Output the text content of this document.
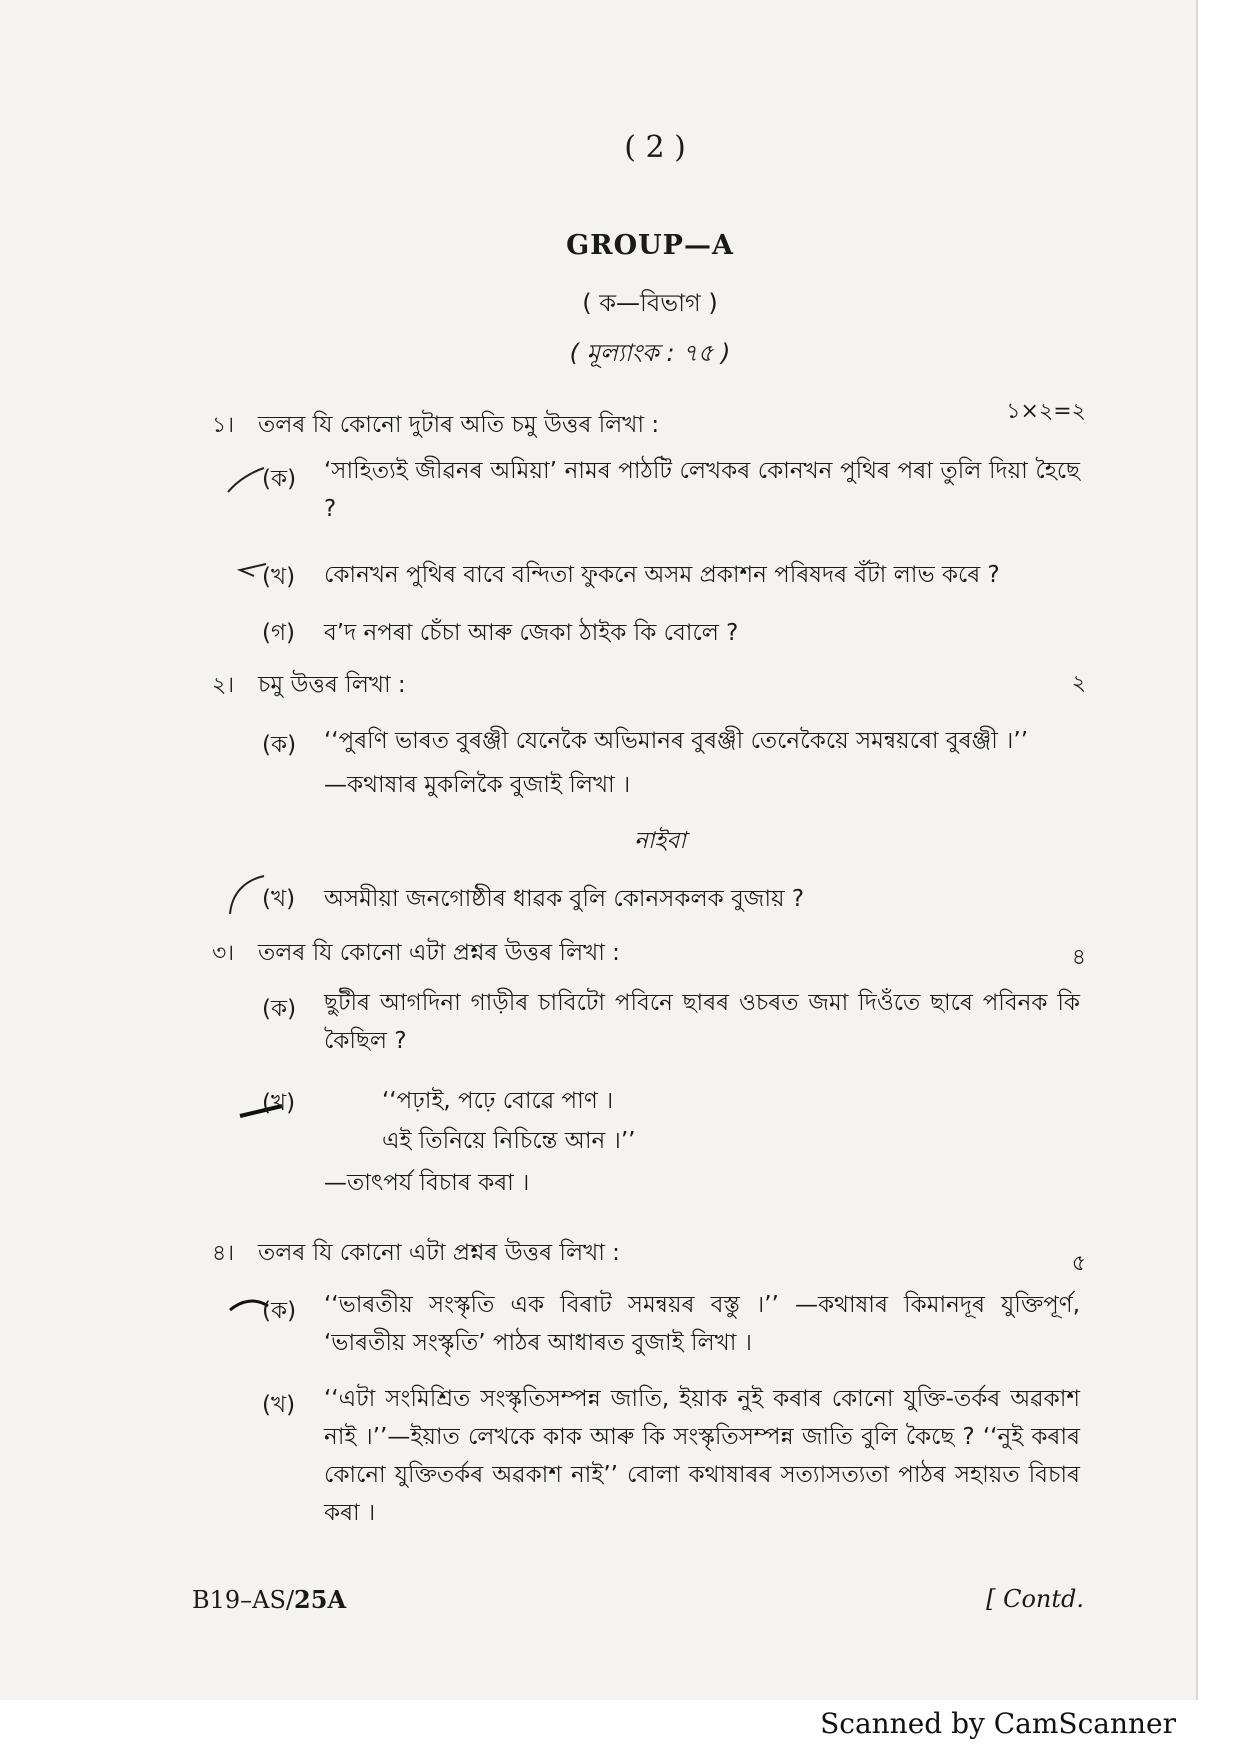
( 2 )
GROUP—A
( ক—বিভাগ )
( মূল্যাংক : ৭৫ )
১। তলৰ যি কোনো দুটাৰ অতি চমু উত্তৰ লিখা :
১×২=২
(ক) ‘সাহিত্যই জীৱনৰ অমিয়া’ নামৰ পাঠটি লেখকৰ কোনখন পুথিৰ পৰা তুলি দিয়া হৈছে ?
(খ) কোনখন পুথিৰ বাবে বন্দিতা ফুকনে অসম প্ৰকাশন পৰিষদৰ বঁটা লাভ কৰে ?
(গ) ব’দ নপৰা চেঁচা আৰু জেকা ঠাইক কি বোলে ?
২। চমু উত্তৰ লিখা :	২
(ক) ‘‘পুৰণি ভাৰত বুৰঞ্জী যেনেকৈ অভিমানৰ বুৰঞ্জী তেনেকৈয়ে সমন্বয়ৰো বুৰঞ্জী ।’’
—কথাষাৰ মুকলিকৈ বুজাই লিখা ।
নাইবা
(খ) অসমীয়া জনগোষ্ঠীৰ ধাৱক বুলি কোনসকলক বুজায় ?
৩। তলৰ যি কোনো এটা প্ৰশ্নৰ উত্তৰ লিখা :	৪
(ক) ছুটীৰ আগদিনা গাড়ীৰ চাবিটো পবিনে ছাৰৰ ওচৰত জমা দিওঁতে ছাৰে পবিনক কি কৈছিল ?
(খ)	‘‘পঢ়াই, পঢ়ে বোৱে পাণ ।
এই তিনিয়ে নিচিন্তে আন ।’’
—তাৎপৰ্য বিচাৰ কৰা ।
৪। তলৰ যি কোনো এটা প্ৰশ্নৰ উত্তৰ লিখা :	৫
(ক) ‘‘ভাৰতীয় সংস্কৃতি এক বিৰাট সমন্বয়ৰ বস্তু ।’’ —কথাষাৰ কিমানদূৰ যুক্তিপূৰ্ণ, ‘ভাৰতীয় সংস্কৃতি’ পাঠৰ আধাৰত বুজাই লিখা ।
(খ) ‘‘এটা সংমিশ্ৰিত সংস্কৃতিসম্পন্ন জাতি, ইয়াক নুই কৰাৰ কোনো যুক্তি-তৰ্কৰ অৱকাশ নাই ।’’—ইয়াত লেখকে কাক আৰু কি সংস্কৃতিসম্পন্ন জাতি বুলি কৈছে ? ‘‘নুই কৰাৰ কোনো যুক্তিতৰ্কৰ অৱকাশ নাই’’ বোলা কথাষাৰৰ সত্যাসত্যতা পাঠৰ সহায়ত বিচাৰ কৰা ।
B19–AS/25A	[ Contd.
Scanned by CamScanner
